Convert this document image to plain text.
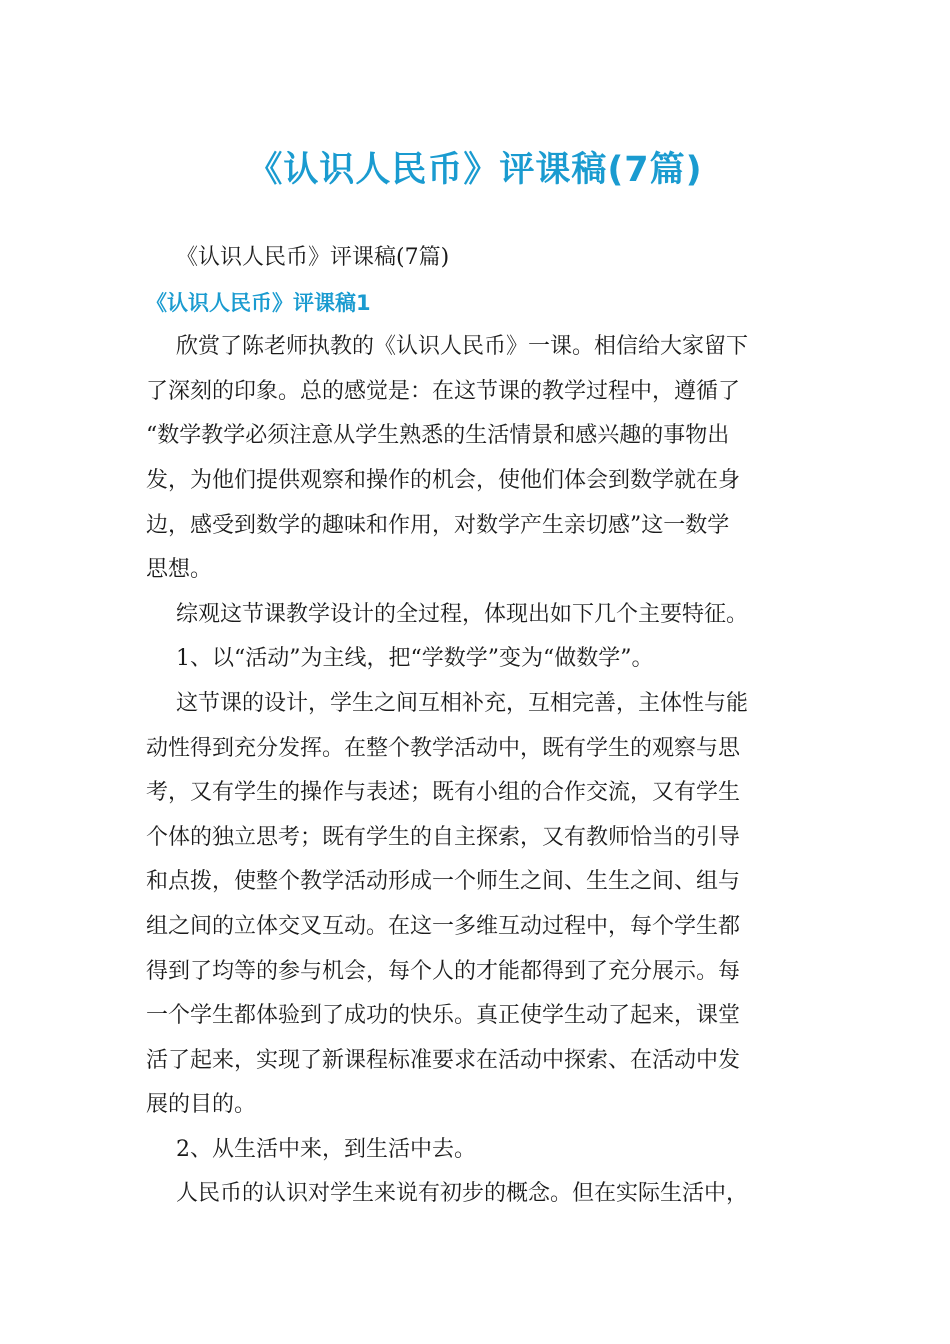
《认识人民币》评课稿(7篇)
《认识人民币》评课稿(7篇)
《认识人民币》评课稿1
欣赏了陈老师执教的《认识人民币》一课。相信给大家留下
了深刻的印象。总的感觉是：在这节课的教学过程中，遵循了
“数学教学必须注意从学生熟悉的生活情景和感兴趣的事物出
发，为他们提供观察和操作的机会，使他们体会到数学就在身
边，感受到数学的趣味和作用，对数学产生亲切感”这一数学
思想。
综观这节课教学设计的全过程，体现出如下几个主要特征。
1、以“活动”为主线，把“学数学”变为“做数学”。
这节课的设计，学生之间互相补充，互相完善，主体性与能
动性得到充分发挥。在整个教学活动中，既有学生的观察与思
考，又有学生的操作与表述；既有小组的合作交流，又有学生
个体的独立思考；既有学生的自主探索，又有教师恰当的引导
和点拨，使整个教学活动形成一个师生之间、生生之间、组与
组之间的立体交叉互动。在这一多维互动过程中，每个学生都
得到了均等的参与机会，每个人的才能都得到了充分展示。每
一个学生都体验到了成功的快乐。真正使学生动了起来，课堂
活了起来，实现了新课程标准要求在活动中探索、在活动中发
展的目的。
2、从生活中来，到生活中去。
人民币的认识对学生来说有初步的概念。但在实际生活中，
